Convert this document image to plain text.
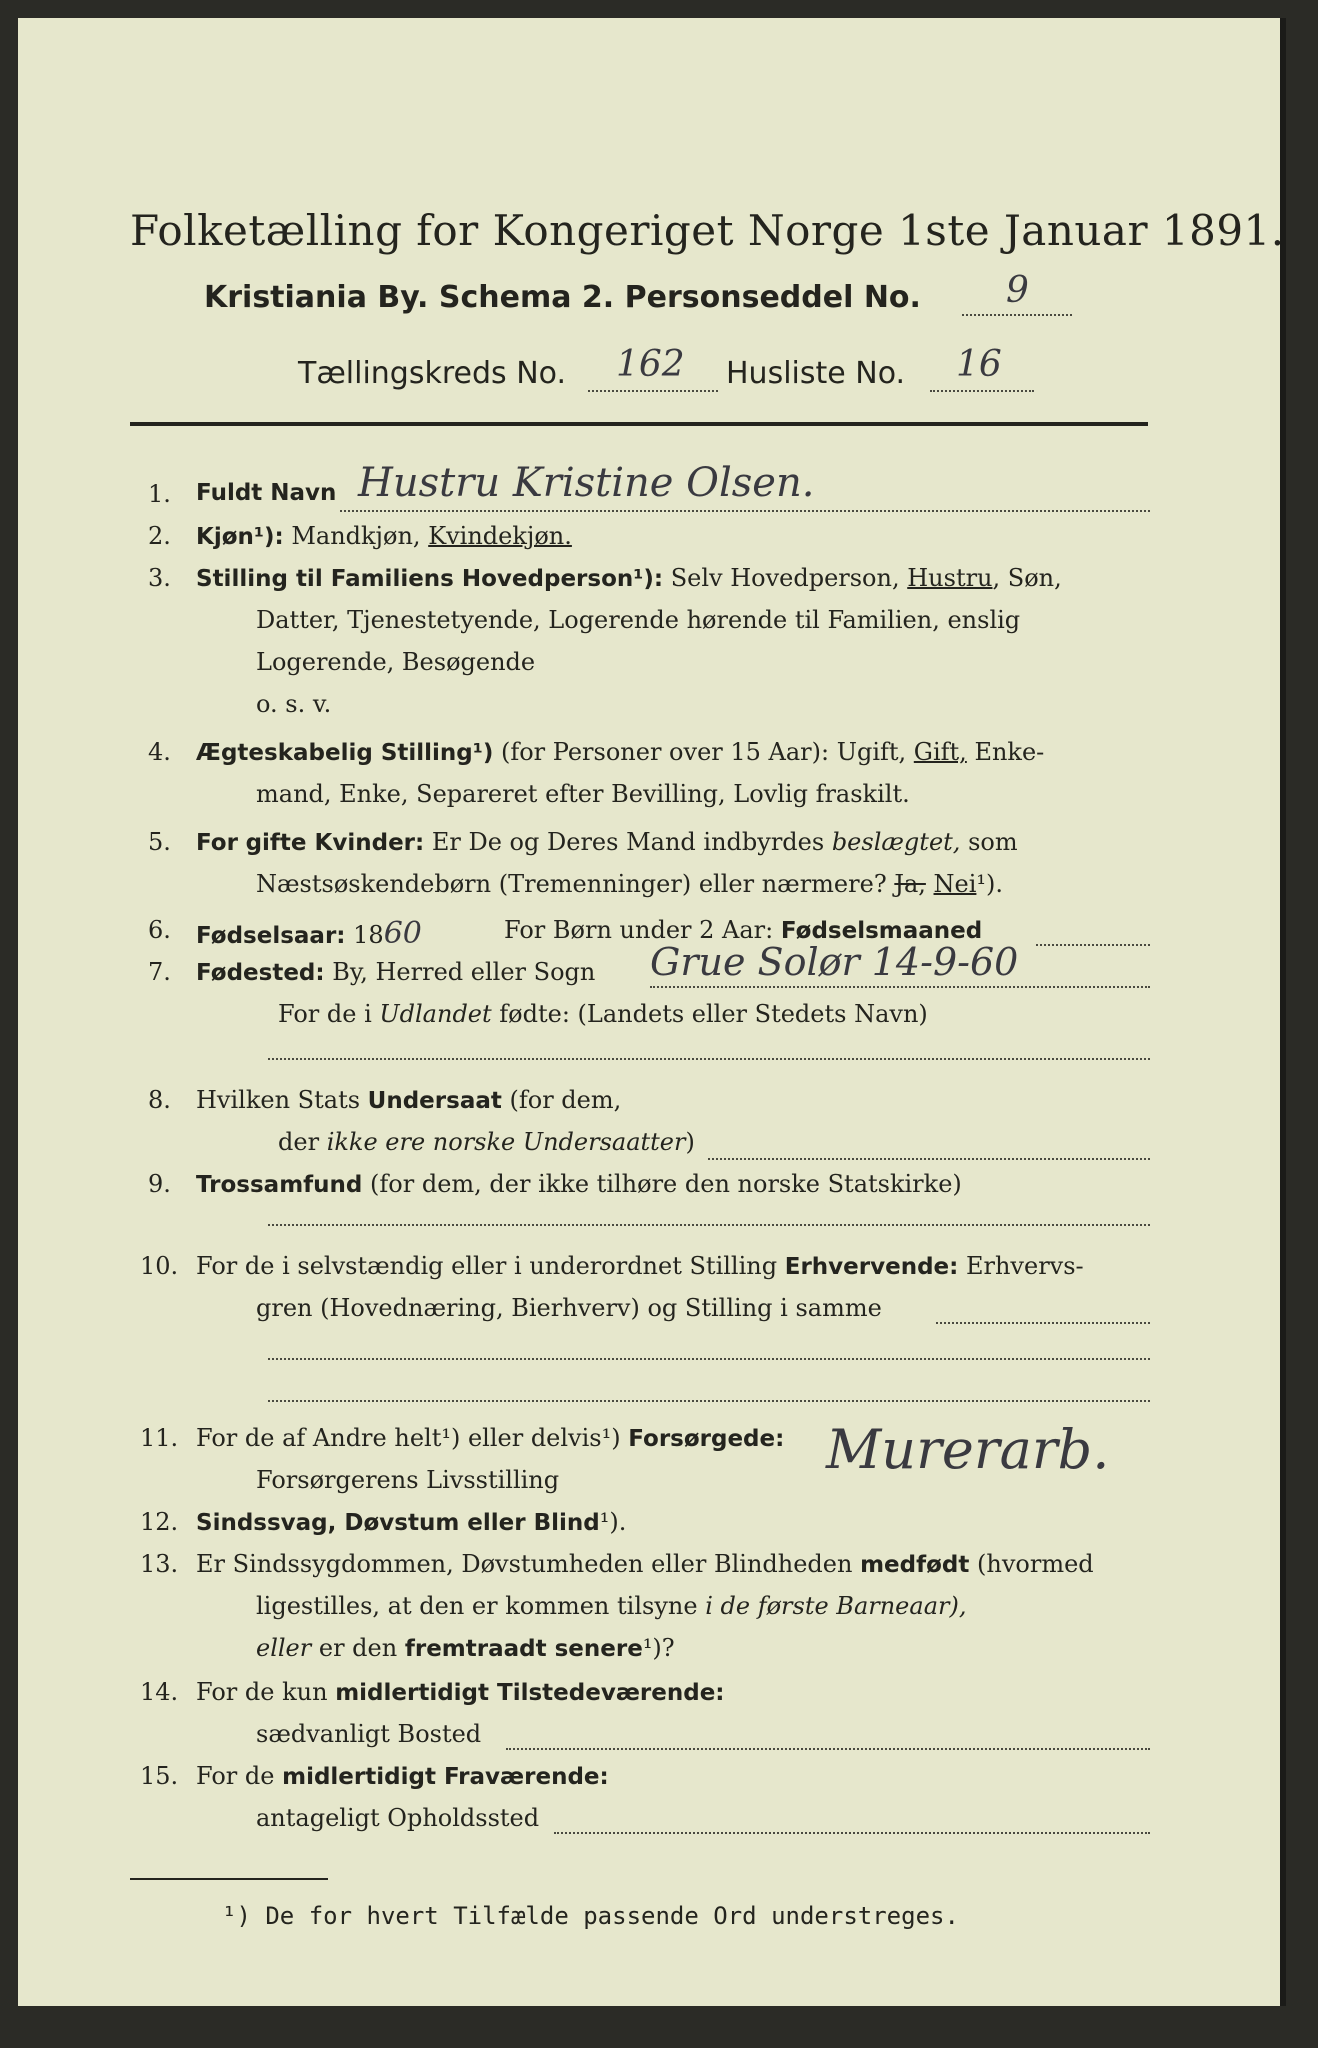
Folketælling for Kongeriget Norge 1ste Januar 1891.
Kristiania By. Schema 2. Personseddel No. 9
Tællingskreds No. 162 Husliste No. 16
1. Fuldt Navn Hustru Kristine Olsen.
2. Kjøn¹): Mandkjøn, Kvindekjøn.
3. Stilling til Familiens Hovedperson¹): Selv Hovedperson, Hustru, Søn,
Datter, Tjenestetyende, Logerende hørende til Familien, enslig
Logerende, Besøgende
o. s. v.
4. Ægteskabelig Stilling¹) (for Personer over 15 Aar): Ugift, Gift, Enke-
mand, Enke, Separeret efter Bevilling, Lovlig fraskilt.
5. For gifte Kvinder: Er De og Deres Mand indbyrdes beslægtet, som
Næstsøskendebørn (Tremenninger) eller nærmere? Ja, Nei¹).
6. Fødselsaar: 1860	For Børn under 2 Aar: Fødselsmaaned
7. Fødested: By, Herred eller Sogn Grue Solør 14-9-60
For de i Udlandet fødte: (Landets eller Stedets Navn)
8. Hvilken Stats Undersaat (for dem,
der ikke ere norske Undersaatter)
9. Trossamfund (for dem, der ikke tilhøre den norske Statskirke)
10. For de i selvstændig eller i underordnet Stilling Erhvervende: Erhvervs-
gren (Hovednæring, Bierhverv) og Stilling i samme
11. For de af Andre helt¹) eller delvis¹) Forsørgede:
Forsørgerens Livsstilling	Murerarb.
12. Sindssvag, Døvstum eller Blind¹).
13. Er Sindssygdommen, Døvstumheden eller Blindheden medfødt (hvormed
ligestilles, at den er kommen tilsyne i de første Barneaar),
eller er den fremtraadt senere¹)?
14. For de kun midlertidigt Tilstedeværende:
sædvanligt Bosted
15. For de midlertidigt Fraværende:
antageligt Opholdssted
¹) De for hvert Tilfælde passende Ord understreges.
